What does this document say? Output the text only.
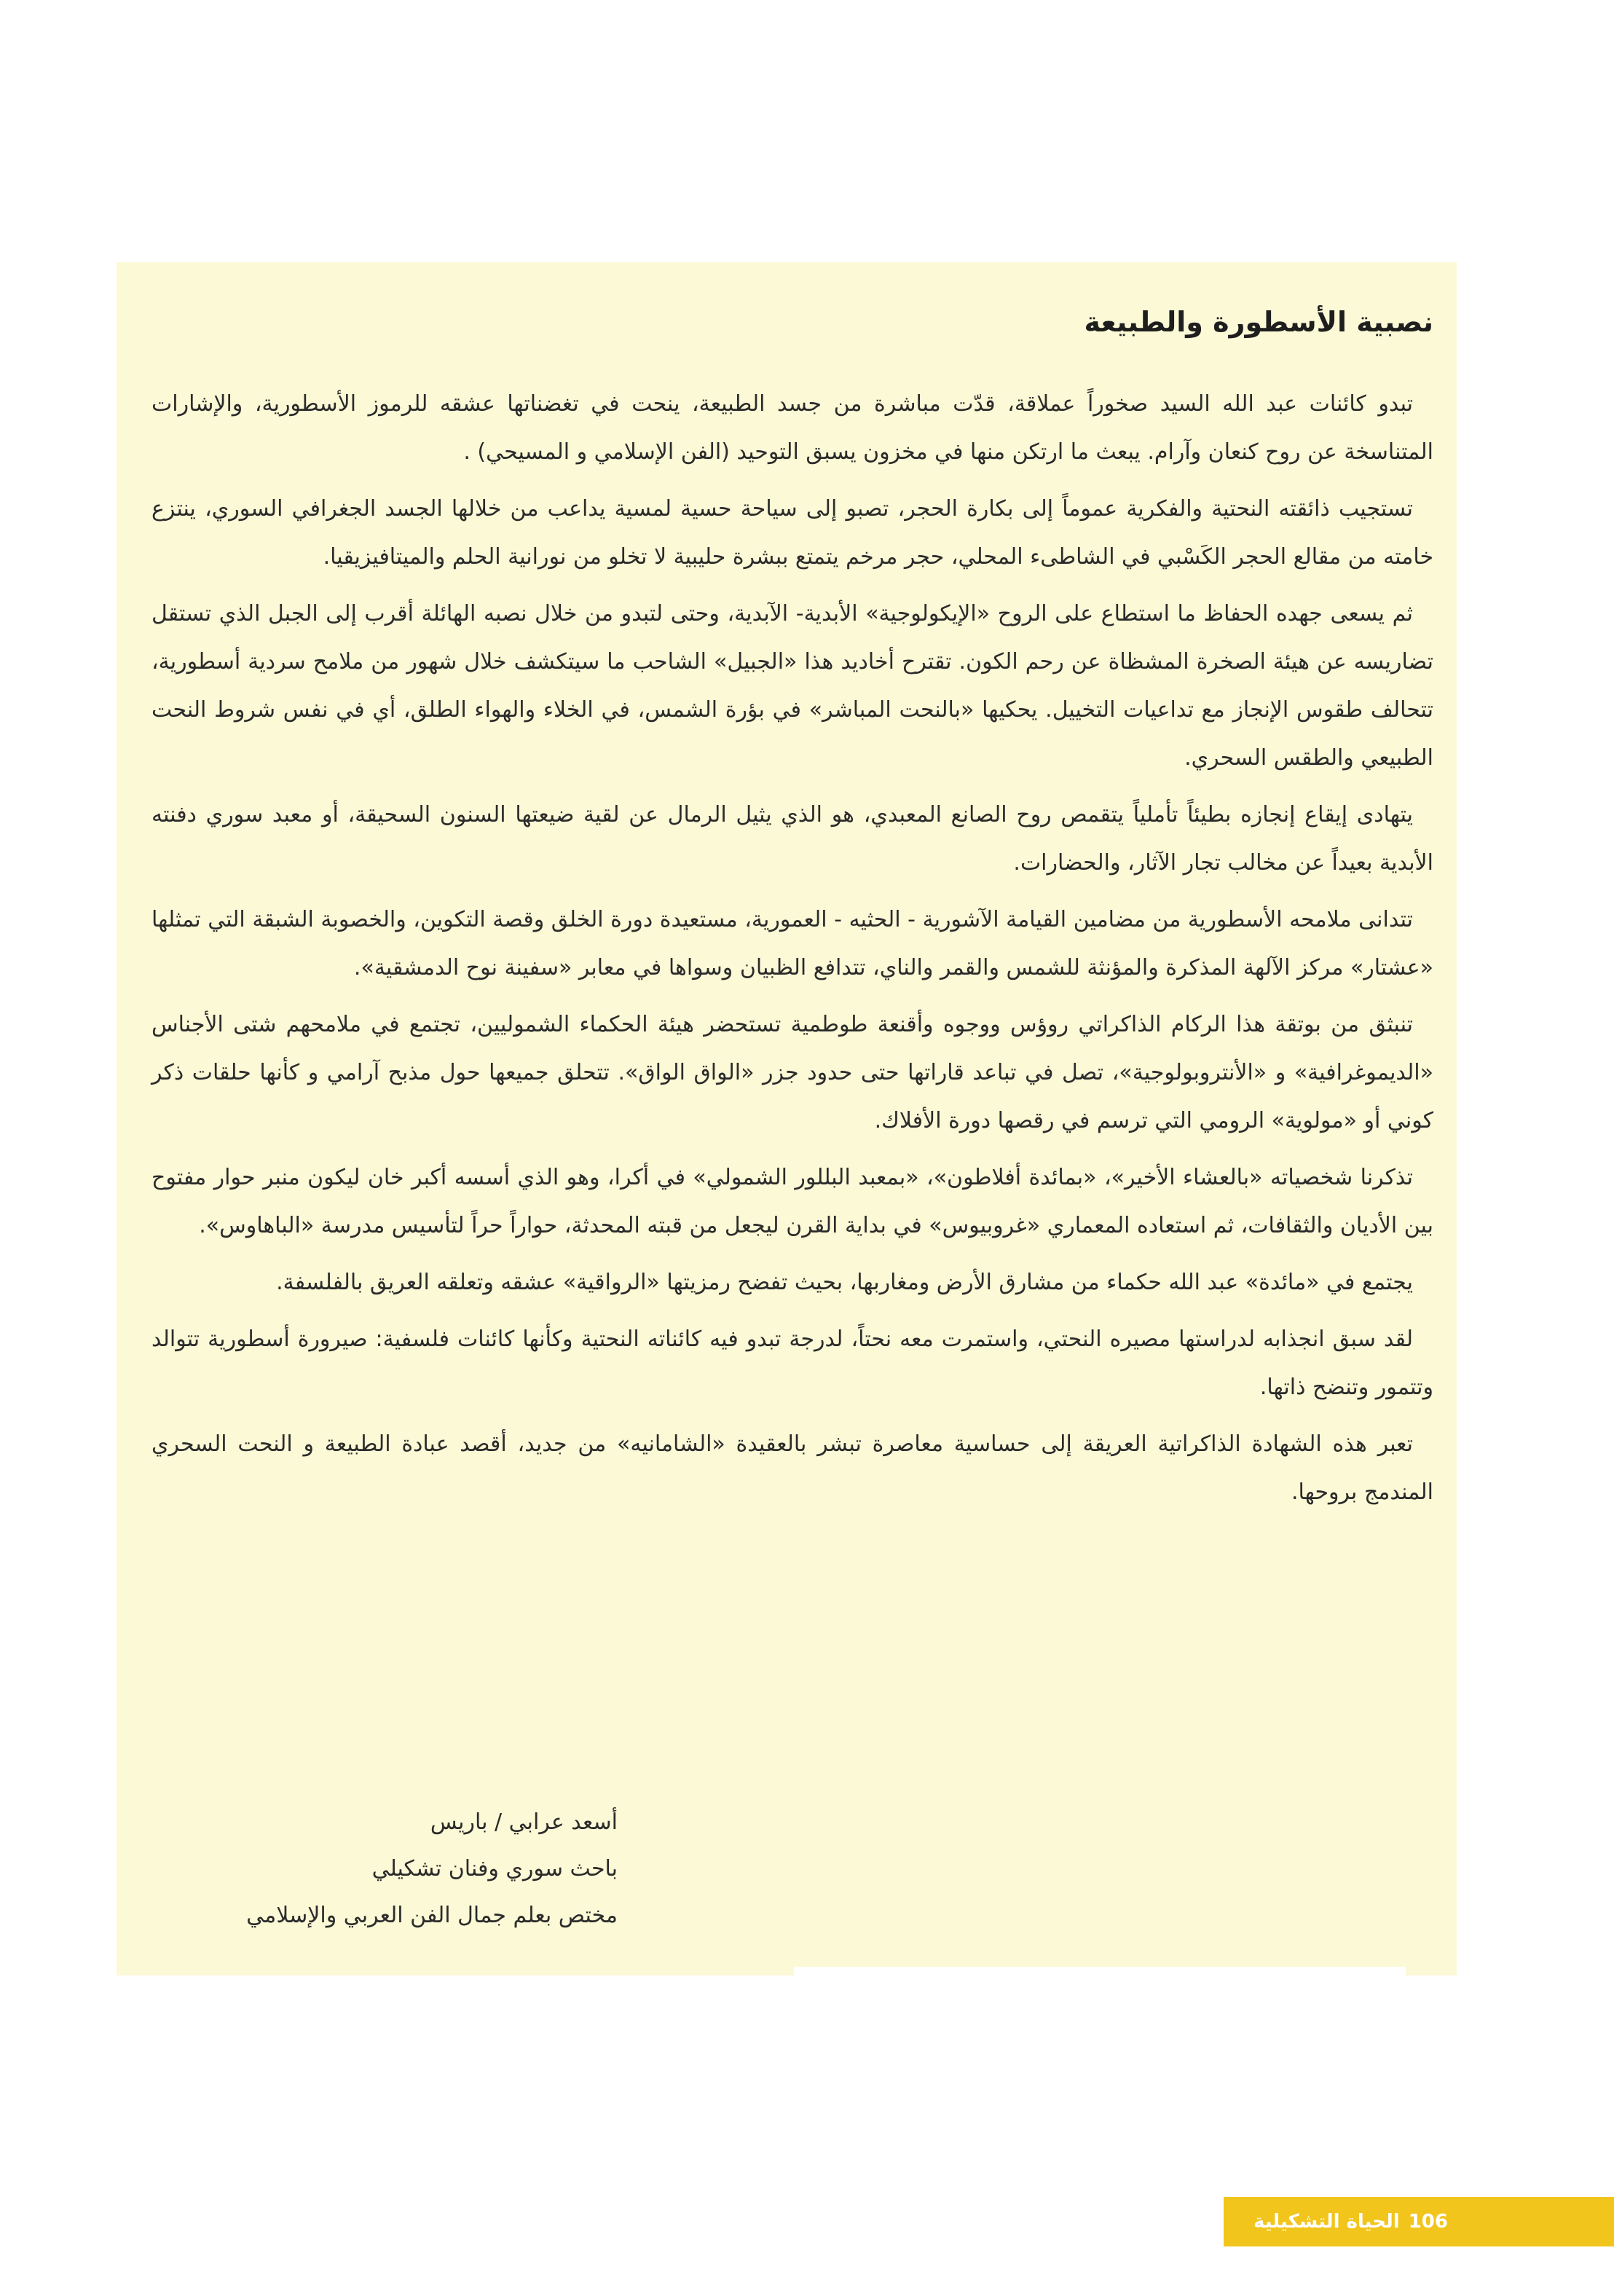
نصبية الأسطورة والطبيعة

تبدو كائنات عبد الله السيد صخوراً عملاقة، قدّت مباشرة من جسد الطبيعة، ينحت في تغضناتها عشقه للرموز الأسطورية، والإشارات المتناسخة عن روح كنعان وآرام. يبعث ما ارتكن منها في مخزون يسبق التوحيد (الفن الإسلامي و المسيحي) .

تستجيب ذائقته النحتية والفكرية عموماً إلى بكارة الحجر، تصبو إلى سياحة حسية لمسية يداعب من خلالها الجسد الجغرافي السوري، ينتزع خامته من مقالع الحجر الكَسْبي في الشاطىء المحلي، حجر مرخم يتمتع ببشرة حليبية لا تخلو من نورانية الحلم والميتافيزيقيا.

ثم يسعى جهده الحفاظ ما استطاع على الروح «الإيكولوجية» الأبدية- الآبدية، وحتى لتبدو من خلال نصبه الهائلة أقرب إلى الجبل الذي تستقل تضاريسه عن هيئة الصخرة المشظاة عن رحم الكون. تقترح أخاديد هذا «الجبيل» الشاحب ما سيتكشف خلال شهور من ملامح سردية أسطورية، تتحالف طقوس الإنجاز مع تداعيات التخييل. يحكيها «بالنحت المباشر» في بؤرة الشمس، في الخلاء والهواء الطلق، أي في نفس شروط النحت الطبيعي والطقس السحري.

يتهادى إيقاع إنجازه بطيئاً تأملياً يتقمص روح الصانع المعبدي، هو الذي يثيل الرمال عن لقية ضيعتها السنون السحيقة، أو معبد سوري دفنته الأبدية بعيداً عن مخالب تجار الآثار، والحضارات.

تتدانى ملامحه الأسطورية من مضامين القيامة الآشورية - الحثيه - العمورية، مستعيدة دورة الخلق وقصة التكوين، والخصوبة الشبقة التي تمثلها «عشتار» مركز الآلهة المذكرة والمؤنثة للشمس والقمر والناي، تتدافع الظبيان وسواها في معابر «سفينة نوح الدمشقية».

تنبثق من بوتقة هذا الركام الذاكراتي روؤس ووجوه وأقنعة طوطمية تستحضر هيئة الحكماء الشموليين، تجتمع في ملامحهم شتى الأجناس «الديموغرافية» و «الأنتروبولوجية»، تصل في تباعد قاراتها حتى حدود جزر «الواق الواق». تتحلق جميعها حول مذبح آرامي و كأنها حلقات ذكر كوني أو «مولوية» الرومي التي ترسم في رقصها دورة الأفلاك.

تذكرنا شخصياته «بالعشاء الأخير»، «بمائدة أفلاطون»، «بمعبد البللور الشمولي» في أكرا، وهو الذي أسسه أكبر خان ليكون منبر حوار مفتوح بين الأديان والثقافات، ثم استعاده المعماري «غروبيوس» في بداية القرن ليجعل من قبته المحدثة، حواراً حراً لتأسيس مدرسة «الباهاوس».

يجتمع في «مائدة» عبد الله حكماء من مشارق الأرض ومغاربها، بحيث تفضح رمزيتها «الرواقية» عشقه وتعلقه العريق بالفلسفة.

لقد سبق انجذابه لدراستها مصيره النحتي، واستمرت معه نحتاً، لدرجة تبدو فيه كائناته النحتية وكأنها كائنات فلسفية: صيرورة أسطورية تتوالد وتتمور وتنضح ذاتها.

تعبر هذه الشهادة الذاكراتية العريقة إلى حساسية معاصرة تبشر بالعقيدة «الشامانيه» من جديد، أقصد عبادة الطبيعة و النحت السحري المندمج بروحها.

أسعد عرابي / باريس
باحث سوري وفنان تشكيلي
مختص بعلم جمال الفن العربي والإسلامي
106
الحياة التشكيلية
